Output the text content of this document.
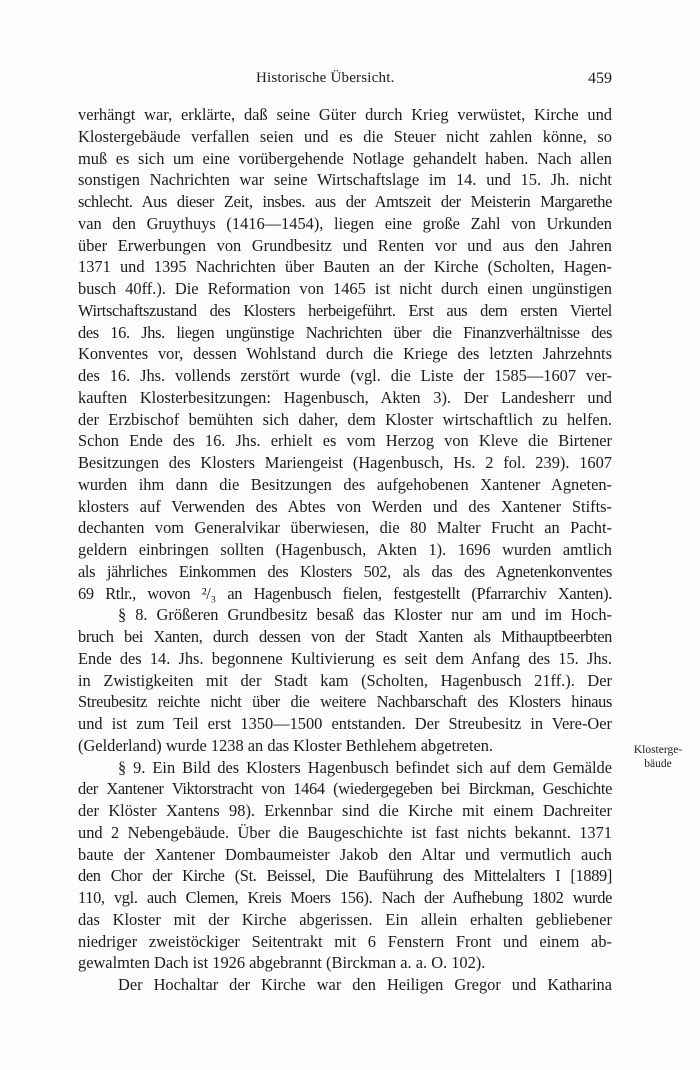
Historische Übersicht.	459
verhängt war, erklärte, daß seine Güter durch Krieg verwüstet, Kirche und
Klostergebäude verfallen seien und es die Steuer nicht zahlen könne, so
muß es sich um eine vorübergehende Notlage gehandelt haben. Nach allen
sonstigen Nachrichten war seine Wirtschaftslage im 14. und 15. Jh. nicht
schlecht. Aus dieser Zeit, insbes. aus der Amtszeit der Meisterin Margarethe
van den Gruythuys (1416—1454), liegen eine große Zahl von Urkunden
über Erwerbungen von Grundbesitz und Renten vor und aus den Jahren
1371 und 1395 Nachrichten über Bauten an der Kirche (Scholten, Hagen-
busch 40ff.). Die Reformation von 1465 ist nicht durch einen ungünstigen
Wirtschaftszustand des Klosters herbeigeführt. Erst aus dem ersten Viertel
des 16. Jhs. liegen ungünstige Nachrichten über die Finanzverhältnisse des
Konventes vor, dessen Wohlstand durch die Kriege des letzten Jahrzehnts
des 16. Jhs. vollends zerstört wurde (vgl. die Liste der 1585—1607 ver-
kauften Klosterbesitzungen: Hagenbusch, Akten 3). Der Landesherr und
der Erzbischof bemühten sich daher, dem Kloster wirtschaftlich zu helfen.
Schon Ende des 16. Jhs. erhielt es vom Herzog von Kleve die Birtener
Besitzungen des Klosters Mariengeist (Hagenbusch, Hs. 2 fol. 239). 1607
wurden ihm dann die Besitzungen des aufgehobenen Xantener Agneten-
klosters auf Verwenden des Abtes von Werden und des Xantener Stifts-
dechanten vom Generalvikar überwiesen, die 80 Malter Frucht an Pacht-
geldern einbringen sollten (Hagenbusch, Akten 1). 1696 wurden amtlich
als jährliches Einkommen des Klosters 502, als das des Agnetenkonventes
69 Rtlr., wovon ²/₃ an Hagenbusch fielen, festgestellt (Pfarrarchiv Xanten).
§ 8. Größeren Grundbesitz besaß das Kloster nur am und im Hoch-
bruch bei Xanten, durch dessen von der Stadt Xanten als Mithauptbeerbten
Ende des 14. Jhs. begonnene Kultivierung es seit dem Anfang des 15. Jhs.
in Zwistigkeiten mit der Stadt kam (Scholten, Hagenbusch 21ff.). Der
Streubesitz reichte nicht über die weitere Nachbarschaft des Klosters hinaus
und ist zum Teil erst 1350—1500 entstanden. Der Streubesitz in Vere-Oer
(Gelderland) wurde 1238 an das Kloster Bethlehem abgetreten.
§ 9. Ein Bild des Klosters Hagenbusch befindet sich auf dem Gemälde
der Xantener Viktorstracht von 1464 (wiedergegeben bei Birckman, Geschichte
der Klöster Xantens 98). Erkennbar sind die Kirche mit einem Dachreiter
und 2 Nebengebäude. Über die Baugeschichte ist fast nichts bekannt. 1371
baute der Xantener Dombaumeister Jakob den Altar und vermutlich auch
den Chor der Kirche (St. Beissel, Die Bauführung des Mittelalters I [1889]
110, vgl. auch Clemen, Kreis Moers 156). Nach der Aufhebung 1802 wurde
das Kloster mit der Kirche abgerissen. Ein allein erhalten gebliebener
niedriger zweistöckiger Seitentrakt mit 6 Fenstern Front und einem ab-
gewalmten Dach ist 1926 abgebrannt (Birckman a. a. O. 102).
Der Hochaltar der Kirche war den Heiligen Gregor und Katharina
Klosterge-
bäude
